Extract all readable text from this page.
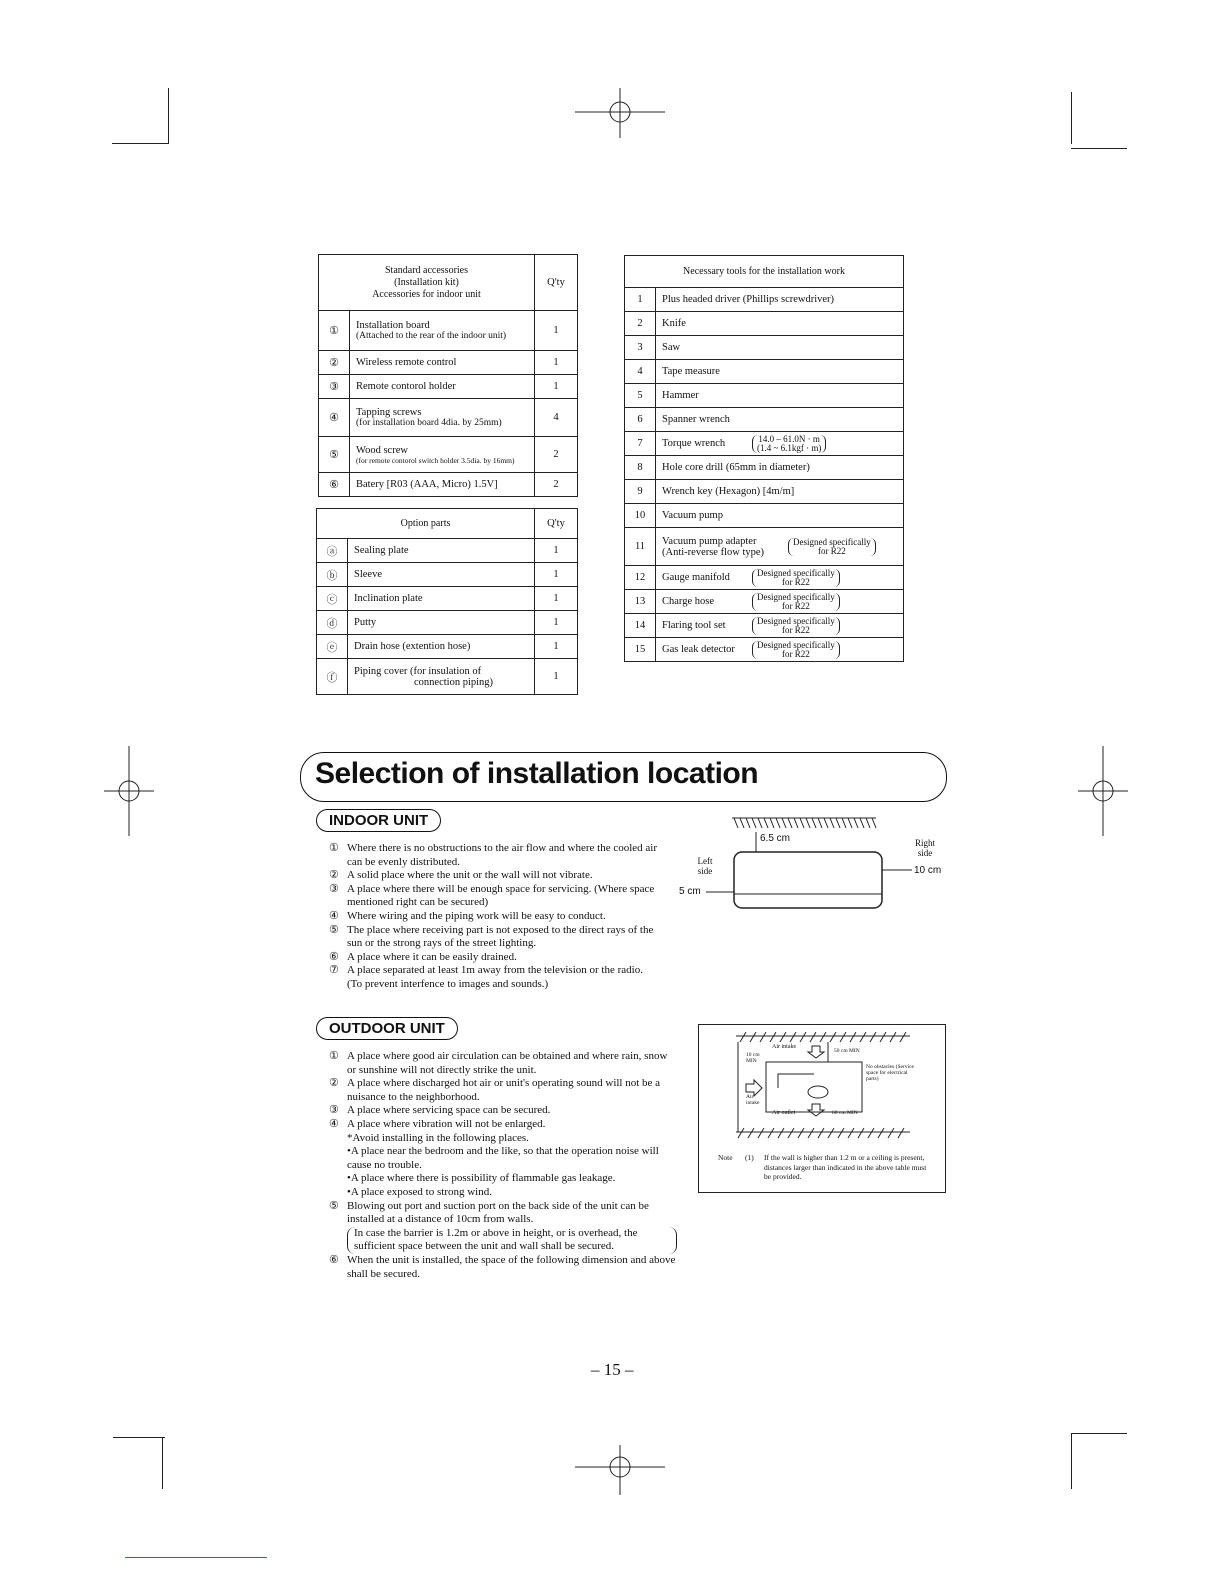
Standard accessories
(Installation kit)
Accessories for indoor unit		Q'ty
①	Installation board
(Attached to the rear of the indoor unit)	1
②	Wireless remote control	1
③	Remote contorol holder	1
④	Tapping screws
(for installation board 4dia. by 25mm)	4
⑤	Wood screw
(for remote contorol switch holder 3.5dia. by 16mm)	2
⑥	Batery [R03 (AAA, Micro) 1.5V]	2
Option parts		Q'ty
ⓐ	Sealing plate	1
ⓑ	Sleeve	1
ⓒ	Inclination plate	1
ⓓ	Putty	1
ⓔ	Drain hose (extention hose)	1
ⓕ	Piping cover (for insulation of
connection piping)	1
Necessary tools for the installation work	
1	Plus headed driver (Phillips screwdriver)
2	Knife
3	Saw
4	Tape measure
5	Hammer
6	Spanner wrench
7	Torque wrench 14.0 – 61.0N · m
(1.4 ~ 6.1kgf · m)

8	Hole core drill (65mm in diameter)
9	Wrench key (Hexagon) [4m/m]
10	Vacuum pump
11	Vacuum pump adapter
(Anti-reverse flow type)
Designed specifically
for R22

12	Gauge manifold Designed specifically
for R22

13	Charge hose Designed specifically
for R22

14	Flaring tool set Designed specifically
for R22

15	Gas leak detector Designed specifically
for R22
Selection of installation location
INDOOR UNIT
① Where there is no obstructions to the air flow and where the cooled air can be evenly distributed.
② A solid place where the unit or the wall will not vibrate.
③ A place where there will be enough space for servicing. (Where space mentioned right can be secured)
④ Where wiring and the piping work will be easy to conduct.
⑤ The place where receiving part is not exposed to the direct rays of the sun or the strong rays of the street lighting.
⑥ A place where it can be easily drained.
⑦ A place separated at least 1m away from the television or the radio.
(To prevent interfence to images and sounds.)
6.5 cm
Left side
Right side
5 cm
10 cm
OUTDOOR UNIT
① A place where good air circulation can be obtained and where rain, snow or sunshine will not directly strike the unit.
② A place where discharged hot air or unit's operating sound will not be a nuisance to the neighborhood.
③ A place where servicing space can be secured.
④ A place where vibration will not be enlarged.
*Avoid installing in the following places.
•A place near the bedroom and the like, so that the operation noise will cause no trouble.
•A place where there is possibility of flammable gas leakage.
•A place exposed to strong wind.
⑤ Blowing out port and suction port on the back side of the unit can be installed at a distance of 10cm from walls.
In case the barrier is 1.2m or above in height, or is overhead, the sufficient space between the unit and wall shall be secured.
⑥ When the unit is installed, the space of the following dimension and above shall be secured.
Air intake
10 cm MIN
50 cm MIN
No obstacles (Service space for electrical parts)
Air intake
Air outlet	60 cm MIN
Note (1) If the wall is higher than 1.2 m or a ceiling is present, distances larger than indicated in the above table must be provided.
– 15 –
